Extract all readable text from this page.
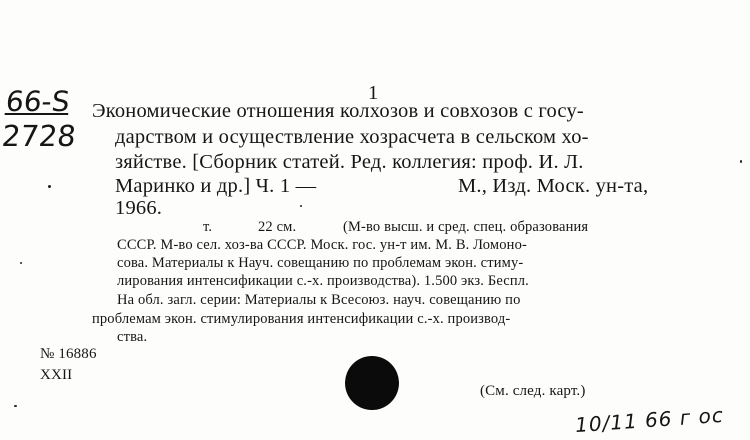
1
66-S
2728
Экономические отношения колхозов и совхозов с госу-
дарством и осуществление хозрасчета в сельском хо-
зяйстве. [Сборник статей. Ред. коллегия: проф. И. Л.
Маринко и др.] Ч. 1 —	М., Изд. Моск. ун-та,
1966.
т.	22 см.	(М-во высш. и сред. спец. образования
СССР. М-во сел. хоз-ва СССР. Моск. гос. ун-т им. М. В. Ломоно-
сова. Материалы к Науч. совещанию по проблемам экон. стиму-
лирования интенсификации с.-х. производства). 1.500 экз. Беспл.
На обл. загл. серии: Материалы к Всесоюз. науч. совещанию по
проблемам экон. стимулирования интенсификации с.-х. производ-
ства.
№ 16886
XXII
(См. след. карт.)
10/11 66 г ос
